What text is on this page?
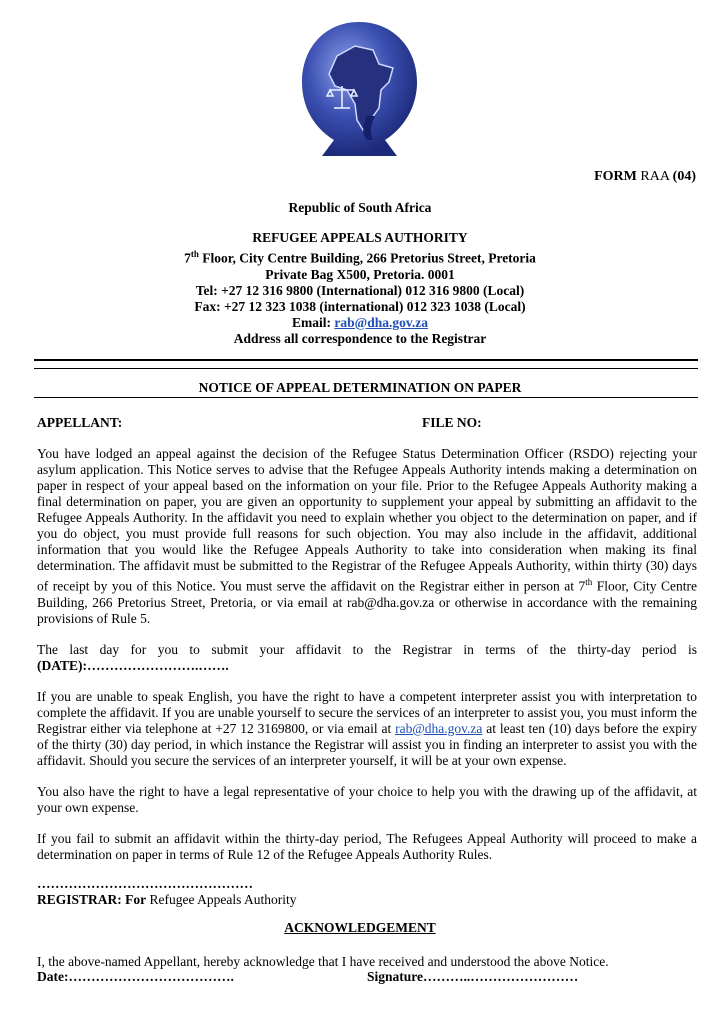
FORM RAA (04)
Republic of South Africa
REFUGEE APPEALS AUTHORITY
7th Floor, City Centre Building, 266 Pretorius Street, Pretoria
Private Bag X500, Pretoria. 0001
Tel: +27 12 316 9800 (International) 012 316 9800 (Local)
Fax: +27 12 323 1038 (international) 012 323 1038 (Local)
Email: rab@dha.gov.za
Address all correspondence to the Registrar
NOTICE OF APPEAL DETERMINATION ON PAPER
APPELLANT:	FILE NO:

You have lodged an appeal against the decision of the Refugee Status Determination Officer (RSDO) rejecting your asylum application. This Notice serves to advise that the Refugee Appeals Authority intends making a determination on paper in respect of your appeal based on the information on your file. Prior to the Refugee Appeals Authority making a final determination on paper, you are given an opportunity to supplement your appeal by submitting an affidavit to the Refugee Appeals Authority. In the affidavit you need to explain whether you object to the determination on paper, and if you do object, you must provide full reasons for such objection. You may also include in the affidavit, additional information that you would like the Refugee Appeals Authority to take into consideration when making its final determination. The affidavit must be submitted to the Registrar of the Refugee Appeals Authority, within thirty (30) days of receipt by you of this Notice. You must serve the affidavit on the Registrar either in person at 7th Floor, City Centre Building, 266 Pretorius Street, Pretoria, or via email at rab@dha.gov.za or otherwise in accordance with the remaining provisions of Rule 5.

The last day for you to submit your affidavit to the Registrar in terms of the thirty-day period is (DATE):…………………….…….

If you are unable to speak English, you have the right to have a competent interpreter assist you with interpretation to complete the affidavit. If you are unable yourself to secure the services of an interpreter to assist you, you must inform the Registrar either via telephone at +27 12 3169800, or via email at rab@dha.gov.za at least ten (10) days before the expiry of the thirty (30) day period, in which instance the Registrar will assist you in finding an interpreter to assist you with the affidavit. Should you secure the services of an interpreter yourself, it will be at your own expense.

You also have the right to have a legal representative of your choice to help you with the drawing up of the affidavit, at your own expense.

If you fail to submit an affidavit within the thirty-day period, The Refugees Appeal Authority will proceed to make a determination on paper in terms of Rule 12 of the Refugee Appeals Authority Rules.

…………………………………………
REGISTRAR: For Refugee Appeals Authority
ACKNOWLEDGEMENT
I, the above-named Appellant, hereby acknowledge that I have received and understood the above Notice.
Date:……………………………….	Signature………..……………………
